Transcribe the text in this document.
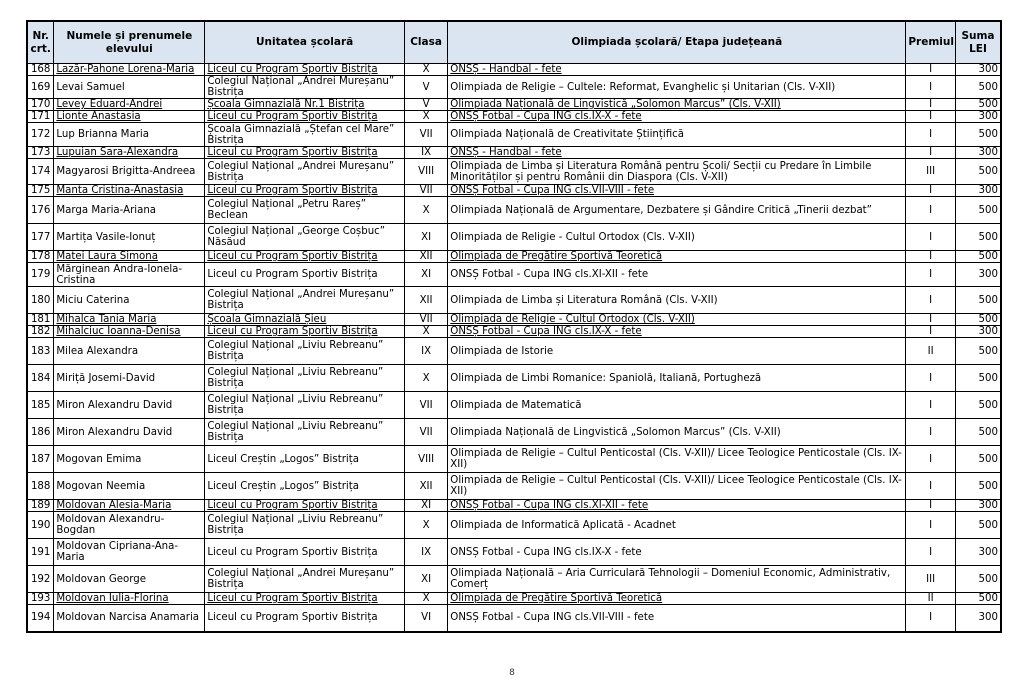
Nr. crt.	Numele și prenumele elevului	Unitatea școlară	Clasa	Olimpiada școlară/ Etapa județeană	Premiul	Suma LEI
168	Lazăr-Pahone Lorena-Maria	Liceul cu Program Sportiv Bistrița	X	ONSȘ - Handbal - fete	I	300
169	Levai Samuel	Colegiul Național „Andrei Mureșanu” Bistrița	V	Olimpiada de Religie – Cultele: Reformat, Evanghelic și Unitarian (Cls. V-XII)	I	500
170	Levey Eduard-Andrei	Școala Gimnazială Nr.1 Bistrița	V	Olimpiada Națională de Lingvistică „Solomon Marcus” (Cls. V-XII)	I	500
171	Lionte Anastasia	Liceul cu Program Sportiv Bistrița	X	ONSȘ Fotbal - Cupa ING cls.IX-X - fete	I	300
172	Lup Brianna Maria	Școala Gimnazială „Ștefan cel Mare” Bistrița	VII	Olimpiada Națională de Creativitate Științifică	I	500
173	Lupuian Sara-Alexandra	Liceul cu Program Sportiv Bistrița	IX	ONSȘ - Handbal - fete	I	300
174	Magyarosi Brigitta-Andreea	Colegiul Național „Andrei Mureșanu” Bistrița	VIII	Olimpiada de Limba și Literatura Română pentru Școli/ Secții cu Predare în Limbile Minorităților și pentru Românii din Diaspora (Cls. V-XII)	III	500
175	Manta Cristina-Anastasia	Liceul cu Program Sportiv Bistrița	VII	ONSȘ Fotbal - Cupa ING cls.VII-VIII - fete	I	300
176	Marga Maria-Ariana	Colegiul Național „Petru Rareș” Beclean	X	Olimpiada Națională de Argumentare, Dezbatere și Gândire Critică „Tinerii dezbat”	I	500
177	Martița Vasile-Ionuț	Colegiul Național „George Coșbuc” Năsăud	XI	Olimpiada de Religie - Cultul Ortodox (Cls. V-XII)	I	500
178	Matei Laura Simona	Liceul cu Program Sportiv Bistrița	XII	Olimpiada de Pregătire Sportivă Teoretică	I	500
179	Mărginean Andra-Ionela-Cristina	Liceul cu Program Sportiv Bistrița	XI	ONSȘ Fotbal - Cupa ING cls.XI-XII - fete	I	300
180	Miciu Caterina	Colegiul Național „Andrei Mureșanu” Bistrița	XII	Olimpiada de Limba și Literatura Română (Cls. V-XII)	I	500
181	Mihalca Tania Maria	Școala Gimnazială Șieu	VII	Olimpiada de Religie - Cultul Ortodox (Cls. V-XII)	I	500
182	Mihalciuc Ioanna-Denisa	Liceul cu Program Sportiv Bistrița	X	ONSȘ Fotbal - Cupa ING cls.IX-X - fete	I	300
183	Milea Alexandra	Colegiul Național „Liviu Rebreanu” Bistrița	IX	Olimpiada de Istorie	II	500
184	Miriță Josemi-David	Colegiul Național „Liviu Rebreanu” Bistrița	X	Olimpiada de Limbi Romanice: Spaniolă, Italiană, Portugheză	I	500
185	Miron Alexandru David	Colegiul Național „Liviu Rebreanu” Bistrița	VII	Olimpiada de Matematică	I	500
186	Miron Alexandru David	Colegiul Național „Liviu Rebreanu” Bistrița	VII	Olimpiada Națională de Lingvistică „Solomon Marcus” (Cls. V-XII)	I	500
187	Mogovan Emima	Liceul Creștin „Logos” Bistrița	VIII	Olimpiada de Religie – Cultul Penticostal (Cls. V-XII)/ Licee Teologice Penticostale (Cls. IX-XII)	I	500
188	Mogovan Neemia	Liceul Creștin „Logos” Bistrița	XII	Olimpiada de Religie – Cultul Penticostal (Cls. V-XII)/ Licee Teologice Penticostale (Cls. IX-XII)	I	500
189	Moldovan Alesia-Maria	Liceul cu Program Sportiv Bistrița	XI	ONSȘ Fotbal - Cupa ING cls.XI-XII - fete	I	300
190	Moldovan Alexandru-Bogdan	Colegiul Național „Liviu Rebreanu” Bistrița	X	Olimpiada de Informatică Aplicată - Acadnet	I	500
191	Moldovan Cipriana-Ana-Maria	Liceul cu Program Sportiv Bistrița	IX	ONSȘ Fotbal - Cupa ING cls.IX-X - fete	I	300
192	Moldovan George	Colegiul Național „Andrei Mureșanu” Bistrița	XI	Olimpiada Națională – Aria Curriculară Tehnologii – Domeniul Economic, Administrativ, Comerț	III	500
193	Moldovan Iulia-Florina	Liceul cu Program Sportiv Bistrița	X	Olimpiada de Pregătire Sportivă Teoretică	II	500
194	Moldovan Narcisa Anamaria	Liceul cu Program Sportiv Bistrița	VI	ONSȘ Fotbal - Cupa ING cls.VII-VIII - fete	I	300
8
